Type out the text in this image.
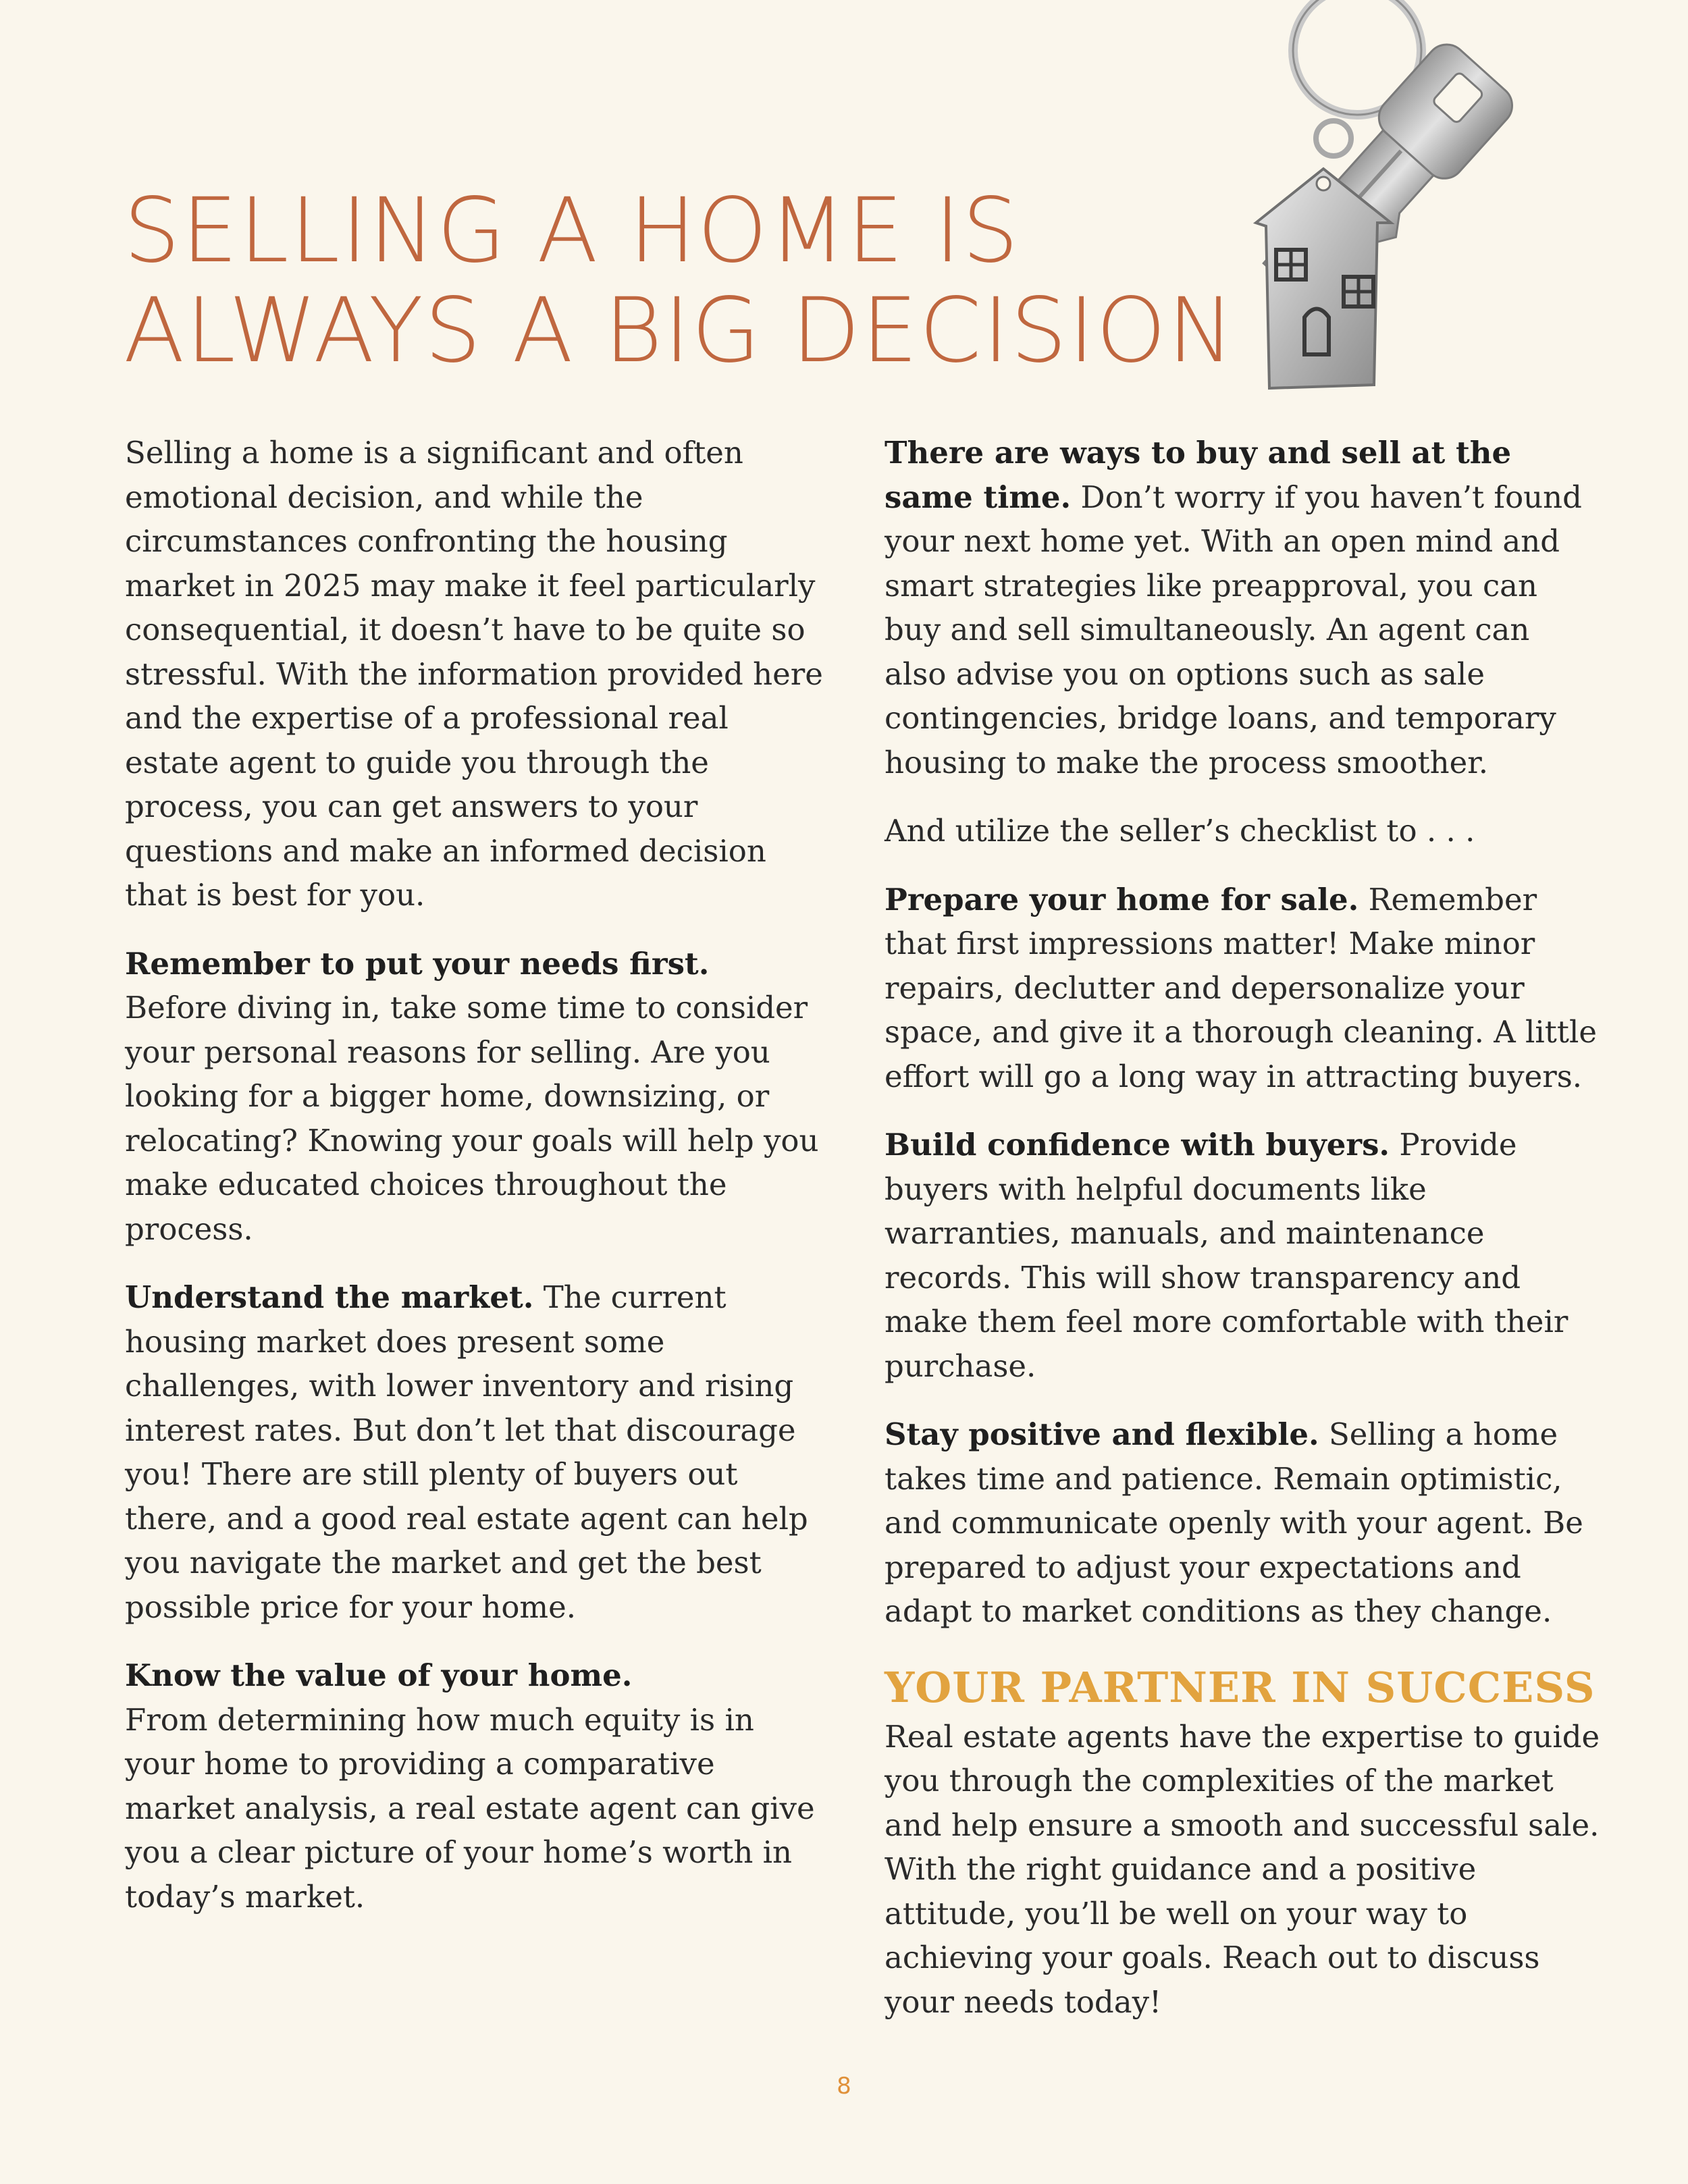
SELLING A HOME IS
ALWAYS A BIG DECISION

Selling a home is a significant and often emotional decision, and while the circumstances confronting the housing market in 2025 may make it feel particularly consequential, it doesn’t have to be quite so stressful. With the information provided here and the expertise of a professional real estate agent to guide you through the process, you can get answers to your questions and make an informed decision that is best for you.

Remember to put your needs first.
Before diving in, take some time to consider your personal reasons for selling. Are you looking for a bigger home, downsizing, or relocating? Knowing your goals will help you make educated choices throughout the process.

Understand the market. The current housing market does present some challenges, with lower inventory and rising interest rates. But don’t let that discourage you! There are still plenty of buyers out there, and a good real estate agent can help you navigate the market and get the best possible price for your home.

Know the value of your home.
From determining how much equity is in your home to providing a comparative market analysis, a real estate agent can give you a clear picture of your home’s worth in today’s market.

There are ways to buy and sell at the same time. Don’t worry if you haven’t found your next home yet. With an open mind and smart strategies like preapproval, you can buy and sell simultaneously. An agent can also advise you on options such as sale contingencies, bridge loans, and temporary housing to make the process smoother.

And utilize the seller’s checklist to . . .

Prepare your home for sale. Remember that first impressions matter! Make minor repairs, declutter and depersonalize your space, and give it a thorough cleaning. A little effort will go a long way in attracting buyers.

Build confidence with buyers. Provide buyers with helpful documents like warranties, manuals, and maintenance records. This will show transparency and make them feel more comfortable with their purchase.

Stay positive and flexible. Selling a home takes time and patience. Remain optimistic, and communicate openly with your agent. Be prepared to adjust your expectations and adapt to market conditions as they change.

YOUR PARTNER IN SUCCESS

Real estate agents have the expertise to guide you through the complexities of the market and help ensure a smooth and successful sale. With the right guidance and a positive attitude, you’ll be well on your way to achieving your goals. Reach out to discuss your needs today!

8
